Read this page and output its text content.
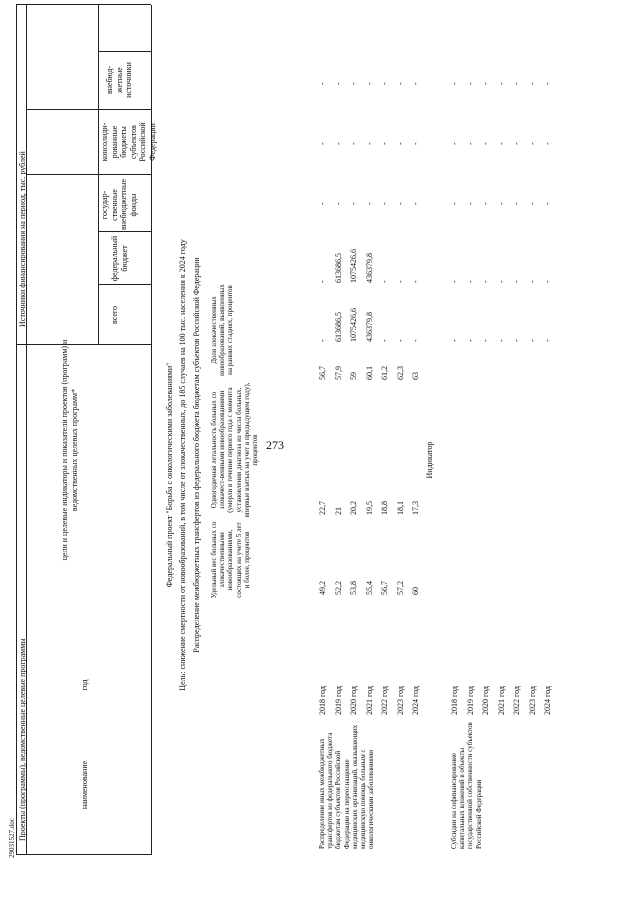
Проекты (программы), ведомственные целевые программы
Источники финансирования на период, тыс. рублей
наименование
год
цели и целевые индикаторы и показатели проектов (программ) и ведомственных целевых программ*
всего
федеральный бюджет
государ-ственные внебюджетные фонды
консолиди-рованные бюджеты субъектов Российской Федерации
внебюд-жетные источники
Федеральный проект "Борьба с онкологическими заболеваниями" Цель: снижение смертности от новообразований, в том числе от злокачественных, до 185 случаев на 100 тыс. населения к 2024 году Распределение межбюджетных трансфертов из федерального бюджета бюджетам субъектов Российской Федерации Удельный вес больных со злокачественными новообразованиями, состоящих на учете 5 лет и более, процентов
Одногодичная летальность больных со злокачест-венными новообразованиями (умерли в течение первого года с момента установления диагноза из числа больных, впервые взятых на учет в предыдущем году), процентов
Доля злокачественных новообразований, выявленных на ранних стадиях, процентов
Распределение иных межбюджетных трансфертов из федерального бюджета бюджетам субъектов Российской Федерации на переоснащение медицинских организаций, оказывающих медицинскую помощь больным с онкологическими заболеваниями
2018 год
49,2
22,7
56,7
-
-
-
-
-
2019 год
52,2
21
57,9
613686,5
613686,5
-
-
-
2020 год
53,8
20,2
59
1075426,6
1075426,6
-
-
-
2021 год
55,4
19,5
60,1
436379,8
436379,8
-
-
-
2022 год
56,7
18,8
61,2
-
-
-
-
-
2023 год
57,2
18,1
62,3
-
-
-
-
-
2024 год
60
17,3
63
-
-
-
-
-
Индикатор
Субсидии на софинансирование капитальных вложений в объекты государственной собственности субъектов Российской Федерации
2018 год
-
-
-
-
-
2019 год
-
-
-
-
-
2020 год
-
-
-
-
-
2021 год
-
-
-
-
-
2022 год
-
-
-
-
-
2023 год
-
-
-
-
-
2024 год
-
-
-
-
-
273
29031527.doc
